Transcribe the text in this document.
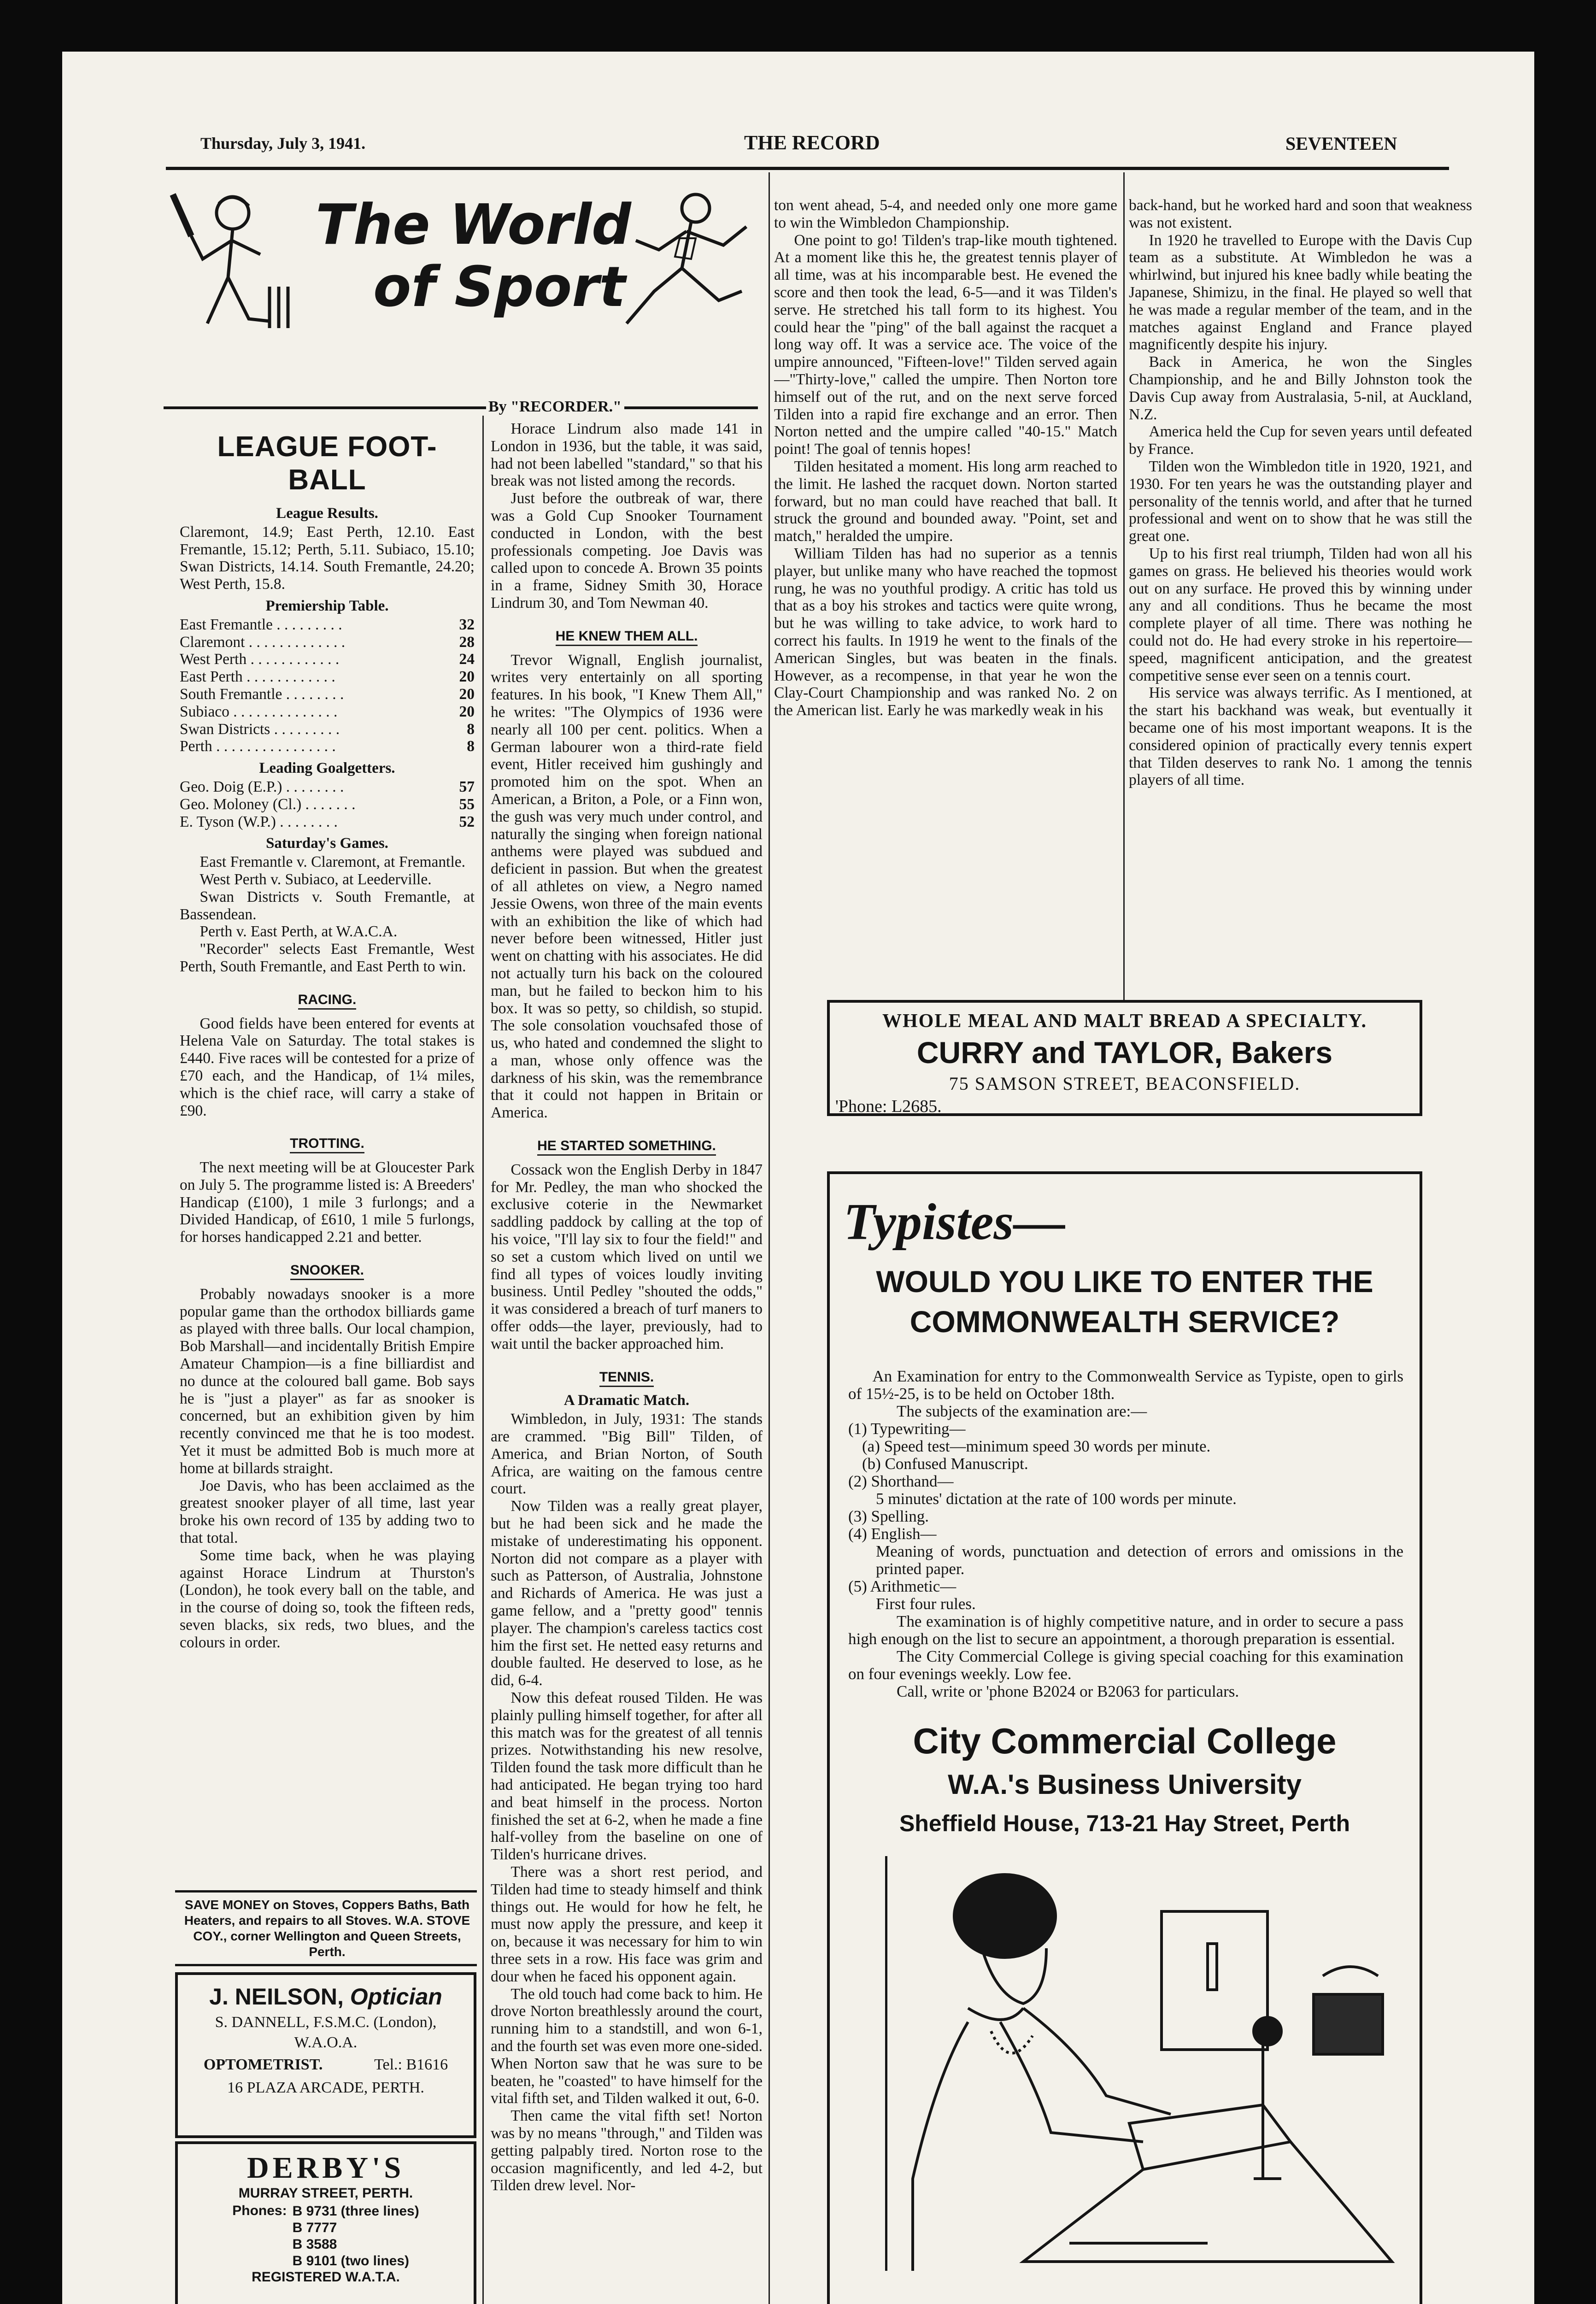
Thursday, July 3, 1941.	THE RECORD	SEVENTEEN
The World
of Sport
By "RECORDER."
LEAGUE FOOT-BALL
League Results.

Claremont, 14.9; East Perth, 12.10. East Fremantle, 15.12; Perth, 5.11. Subiaco, 15.10; Swan Districts, 14.14. South Fremantle, 24.20; West Perth, 15.8.

Premiership Table.
East Fremantle . . . . . . . . .	32
Claremont . . . . . . . . . . . . .	28
West Perth . . . . . . . . . . . .	24
East Perth . . . . . . . . . . . .	20
South Fremantle . . . . . . . .	20
Subiaco . . . . . . . . . . . . . .	20
Swan Districts . . . . . . . . .	8
Perth . . . . . . . . . . . . . . . .	8
Leading Goalgetters.
Geo. Doig (E.P.) . . . . . . . .	57
Geo. Moloney (Cl.) . . . . . . .	55
E. Tyson (W.P.) . . . . . . . .	52
Saturday's Games.

East Fremantle v. Claremont, at Fremantle.

West Perth v. Subiaco, at Leederville.

Swan Districts v. South Fremantle, at Bassendean.

Perth v. East Perth, at W.A.C.A.

"Recorder" selects East Fremantle, West Perth, South Fremantle, and East Perth to win.

RACING.

Good fields have been entered for events at Helena Vale on Saturday. The total stakes is £440. Five races will be contested for a prize of £70 each, and the Handicap, of 1¼ miles, which is the chief race, will carry a stake of £90.

TROTTING.

The next meeting will be at Gloucester Park on July 5. The programme listed is: A Breeders' Handicap (£100), 1 mile 3 furlongs; and a Divided Handicap, of £610, 1 mile 5 furlongs, for horses handicapped 2.21 and better.

SNOOKER.

Probably nowadays snooker is a more popular game than the orthodox billiards game as played with three balls. Our local champion, Bob Marshall—and incidentally British Empire Amateur Champion—is a fine billiardist and no dunce at the coloured ball game. Bob says he is "just a player" as far as snooker is concerned, but an exhibition given by him recently convinced me that he is too modest. Yet it must be admitted Bob is much more at home at billards straight.

Joe Davis, who has been acclaimed as the greatest snooker player of all time, last year broke his own record of 135 by adding two to that total.

Some time back, when he was playing against Horace Lindrum at Thurston's (London), he took every ball on the table, and in the course of doing so, took the fifteen reds, seven blacks, six reds, two blues, and the colours in order.

SAVE MONEY on Stoves, Coppers Baths, Bath Heaters, and repairs to all Stoves. W.A. STOVE COY., corner Wellington and Queen Streets, Perth.
J. NEILSON, Optician
S. DANNELL, F.S.M.C. (London),
W.A.O.A.
OPTOMETRIST.	Tel.: B1616
16 PLAZA ARCADE, PERTH.
DERBY'S
MURRAY STREET, PERTH.
Phones: B 9731 (three lines)
B 7777
B 3588
B 9101 (two lines)
REGISTERED W.A.T.A.

Horace Lindrum also made 141 in London in 1936, but the table, it was said, had not been labelled "standard," so that his break was not listed among the records.

Just before the outbreak of war, there was a Gold Cup Snooker Tournament conducted in London, with the best professionals competing. Joe Davis was called upon to concede A. Brown 35 points in a frame, Sidney Smith 30, Horace Lindrum 30, and Tom Newman 40.

HE KNEW THEM ALL.

Trevor Wignall, English journalist, writes very entertainly on all sporting features. In his book, "I Knew Them All," he writes: "The Olympics of 1936 were nearly all 100 per cent. politics. When a German labourer won a third-rate field event, Hitler received him gushingly and promoted him on the spot. When an American, a Briton, a Pole, or a Finn won, the gush was very much under control, and naturally the singing when foreign national anthems were played was subdued and deficient in passion. But when the greatest of all athletes on view, a Negro named Jessie Owens, won three of the main events with an exhibition the like of which had never before been witnessed, Hitler just went on chatting with his associates. He did not actually turn his back on the coloured man, but he failed to beckon him to his box. It was so petty, so childish, so stupid. The sole consolation vouchsafed those of us, who hated and condemned the slight to a man, whose only offence was the darkness of his skin, was the remembrance that it could not happen in Britain or America.

HE STARTED SOMETHING.

Cossack won the English Derby in 1847 for Mr. Pedley, the man who shocked the exclusive coterie in the Newmarket saddling paddock by calling at the top of his voice, "I'll lay six to four the field!" and so set a custom which lived on until we find all types of voices loudly inviting business. Until Pedley "shouted the odds," it was considered a breach of turf maners to offer odds—the layer, previously, had to wait until the backer approached him.

TENNIS.
A Dramatic Match.

Wimbledon, in July, 1931: The stands are crammed. "Big Bill" Tilden, of America, and Brian Norton, of South Africa, are waiting on the famous centre court.

Now Tilden was a really great player, but he had been sick and he made the mistake of underestimating his opponent. Norton did not compare as a player with such as Patterson, of Australia, Johnstone and Richards of America. He was just a game fellow, and a "pretty good" tennis player. The champion's careless tactics cost him the first set. He netted easy returns and double faulted. He deserved to lose, as he did, 6-4.

Now this defeat roused Tilden. He was plainly pulling himself together, for after all this match was for the greatest of all tennis prizes. Notwithstanding his new resolve, Tilden found the task more difficult than he had anticipated. He began trying too hard and beat himself in the process. Norton finished the set at 6-2, when he made a fine half-volley from the baseline on one of Tilden's hurricane drives.

There was a short rest period, and Tilden had time to steady himself and think things out. He would for how he felt, he must now apply the pressure, and keep it on, because it was necessary for him to win three sets in a row. His face was grim and dour when he faced his opponent again.

The old touch had come back to him. He drove Norton breathlessly around the court, running him to a standstill, and won 6-1, and the fourth set was even more one-sided. When Norton saw that he was sure to be beaten, he "coasted" to have himself for the vital fifth set, and Tilden walked it out, 6-0.

Then came the vital fifth set! Norton was by no means "through," and Tilden was getting palpably tired. Norton rose to the occasion magnificently, and led 4-2, but Tilden drew level. Nor-

ton went ahead, 5-4, and needed only one more game to win the Wimbledon Championship.

One point to go! Tilden's trap-like mouth tightened. At a moment like this he, the greatest tennis player of all time, was at his incomparable best. He evened the score and then took the lead, 6-5—and it was Tilden's serve. He stretched his tall form to its highest. You could hear the "ping" of the ball against the racquet a long way off. It was a service ace. The voice of the umpire announced, "Fifteen-love!" Tilden served again—"Thirty-love," called the umpire. Then Norton tore himself out of the rut, and on the next serve forced Tilden into a rapid fire exchange and an error. Then Norton netted and the umpire called "40-15." Match point! The goal of tennis hopes!

Tilden hesitated a moment. His long arm reached to the limit. He lashed the racquet down. Norton started forward, but no man could have reached that ball. It struck the ground and bounded away. "Point, set and match," heralded the umpire.

William Tilden has had no superior as a tennis player, but unlike many who have reached the topmost rung, he was no youthful prodigy. A critic has told us that as a boy his strokes and tactics were quite wrong, but he was willing to take advice, to work hard to correct his faults. In 1919 he went to the finals of the American Singles, but was beaten in the finals. However, as a recompense, in that year he won the Clay-Court Championship and was ranked No. 2 on the American list. Early he was markedly weak in his

back-hand, but he worked hard and soon that weakness was not existent.

In 1920 he travelled to Europe with the Davis Cup team as a substitute. At Wimbledon he was a whirlwind, but injured his knee badly while beating the Japanese, Shimizu, in the final. He played so well that he was made a regular member of the team, and in the matches against England and France played magnificently despite his injury.

Back in America, he won the Singles Championship, and he and Billy Johnston took the Davis Cup away from Australasia, 5-nil, at Auckland, N.Z.

America held the Cup for seven years until defeated by France.

Tilden won the Wimbledon title in 1920, 1921, and 1930. For ten years he was the outstanding player and personality of the tennis world, and after that he turned professional and went on to show that he was still the great one.

Up to his first real triumph, Tilden had won all his games on grass. He believed his theories would work out on any surface. He proved this by winning under any and all conditions. Thus he became the most complete player of all time. There was nothing he could not do. He had every stroke in his repertoire—speed, magnificent anticipation, and the greatest competitive sense ever seen on a tennis court.

His service was always terrific. As I mentioned, at the start his backhand was weak, but eventually it became one of his most important weapons. It is the considered opinion of practically every tennis expert that Tilden deserves to rank No. 1 among the tennis players of all time.

WHOLE MEAL AND MALT BREAD A SPECIALTY.
CURRY and TAYLOR, Bakers
75 SAMSON STREET, BEACONSFIELD.
'Phone: L2685.
Typistes—
WOULD YOU LIKE TO ENTER THE
COMMONWEALTH SERVICE?

An Examination for entry to the Commonwealth Service as Typiste, open to girls of 15½-25, is to be held on October 18th.

The subjects of the examination are:—

(1) Typewriting—
(a) Speed test—minimum speed 30 words per minute.
(b) Confused Manuscript.
(2) Shorthand—
5 minutes' dictation at the rate of 100 words per minute.
(3) Spelling.
(4) English—
Meaning of words, punctuation and detection of errors and omissions in the printed paper.
(5) Arithmetic—
First four rules.

The examination is of highly competitive nature, and in order to secure a pass high enough on the list to secure an appointment, a thorough preparation is essential.

The City Commercial College is giving special coaching for this examination on four evenings weekly. Low fee.

Call, write or 'phone B2024 or B2063 for particulars.

City Commercial College
W.A.'s Business University
Sheffield House, 713-21 Hay Street, Perth
